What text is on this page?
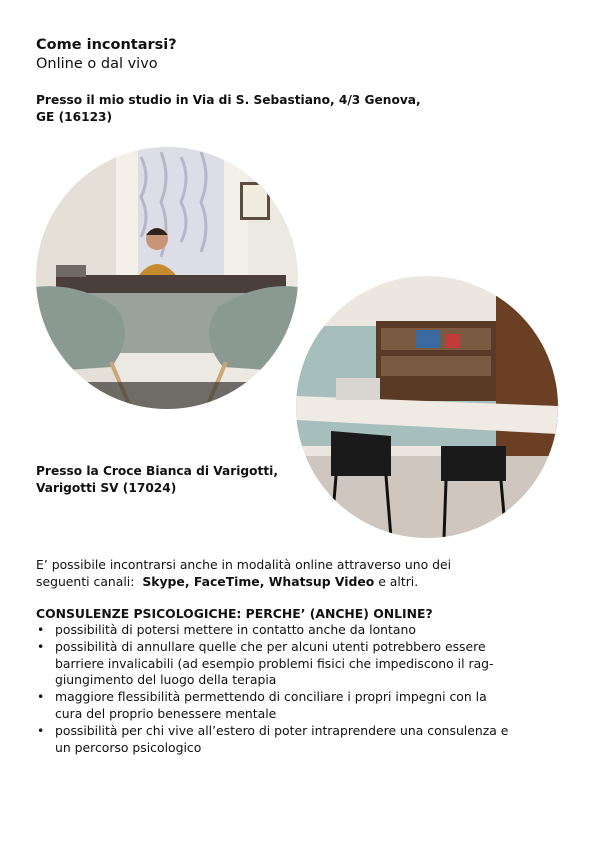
Come incontarsi?
Online o dal vivo
Presso il mio studio in Via di S. Sebastiano, 4/3 Genova,
GE (16123)
Presso la Croce Bianca di Varigotti,
Varigotti SV (17024)
E’ possibile incontrarsi anche in modalità online attraverso uno dei
seguenti canali:  Skype, FaceTime, Whatsup Video e altri.
CONSULENZE PSICOLOGICHE: PERCHE’ (ANCHE) ONLINE?
• possibilità di potersi mettere in contatto anche da lontano
• possibilità di annullare quelle che per alcuni utenti potrebbero essere
barriere invalicabili (ad esempio problemi fisici che impediscono il rag-
giungimento del luogo della terapia
• maggiore flessibilità permettendo di conciliare i propri impegni con la
cura del proprio benessere mentale
• possibilità per chi vive all’estero di poter intraprendere una consulenza e
un percorso psicologico
